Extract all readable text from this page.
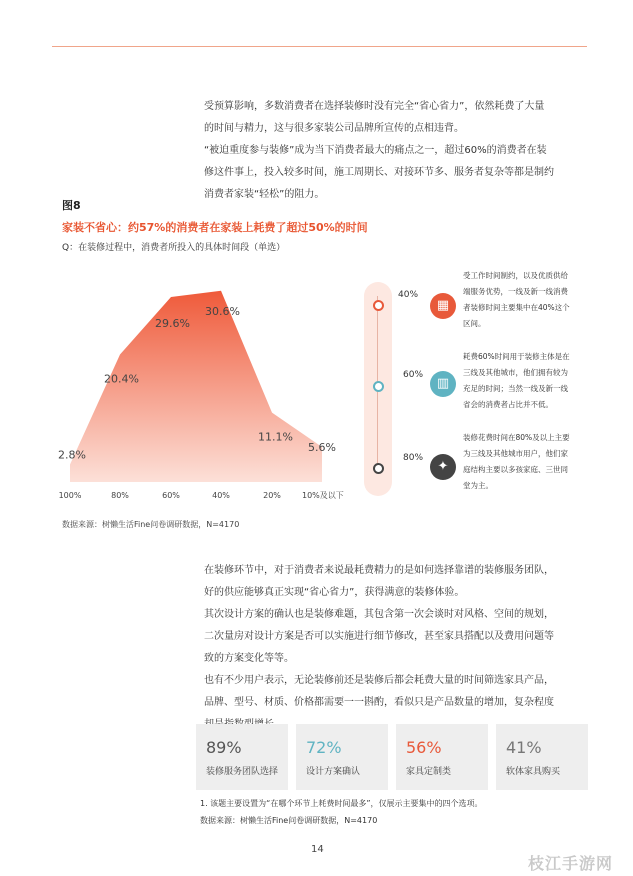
受预算影响，多数消费者在选择装修时没有完全“省心省力”，依然耗费了大量
的时间与精力，这与很多家装公司品牌所宣传的点相违背。
“被迫重度参与装修”成为当下消费者最大的痛点之一，超过60%的消费者在装
修这件事上，投入较多时间，施工周期长、对接环节多、服务者复杂等都是制约
消费者家装“轻松”的阻力。
图8
家装不省心：约57%的消费者在家装上耗费了超过50%的时间
Q：在装修过程中，消费者所投入的具体时间段（单选）
2.8%
20.4%
29.6%
30.6%
11.1%
5.6%
100%	80%	60%	40%	20%	10%及以下
数据来源：树懒生活Fine问卷调研数据，N=4170
40%
▦
受工作时间制约，以及优质供给
端服务优势，一线及新一线消费
者装修时间主要集中在40%这个
区间。
60%
▥
耗费60%时间用于装修主体是在
三线及其他城市，他们拥有较为
充足的时间；当然一线及新一线
省会的消费者占比并不低。
80%
✦
装修花费时间在80%及以上主要
为三线及其他城市用户，他们家
庭结构主要以多孩家庭、三世同
堂为主。
在装修环节中，对于消费者来说最耗费精力的是如何选择靠谱的装修服务团队，
好的供应能够真正实现“省心省力”，获得满意的装修体验。
其次设计方案的确认也是装修难题，其包含第一次会谈时对风格、空间的规划，
二次量房对设计方案是否可以实施进行细节修改，甚至家具搭配以及费用问题等
致的方案变化等等。
也有不少用户表示，无论装修前还是装修后都会耗费大量的时间筛选家具产品，
品牌、型号、材质、价格都需要一一斟酌，看似只是产品数量的增加，复杂程度
89%
装修服务团队选择
72%
设计方案确认
56%
家具定制类
41%
软体家具购买
1. 该题主要设置为“在哪个环节上耗费时间最多”，仅展示主要集中的四个选项。
数据来源：树懒生活Fine问卷调研数据，N=4170
14
枝江手游网
